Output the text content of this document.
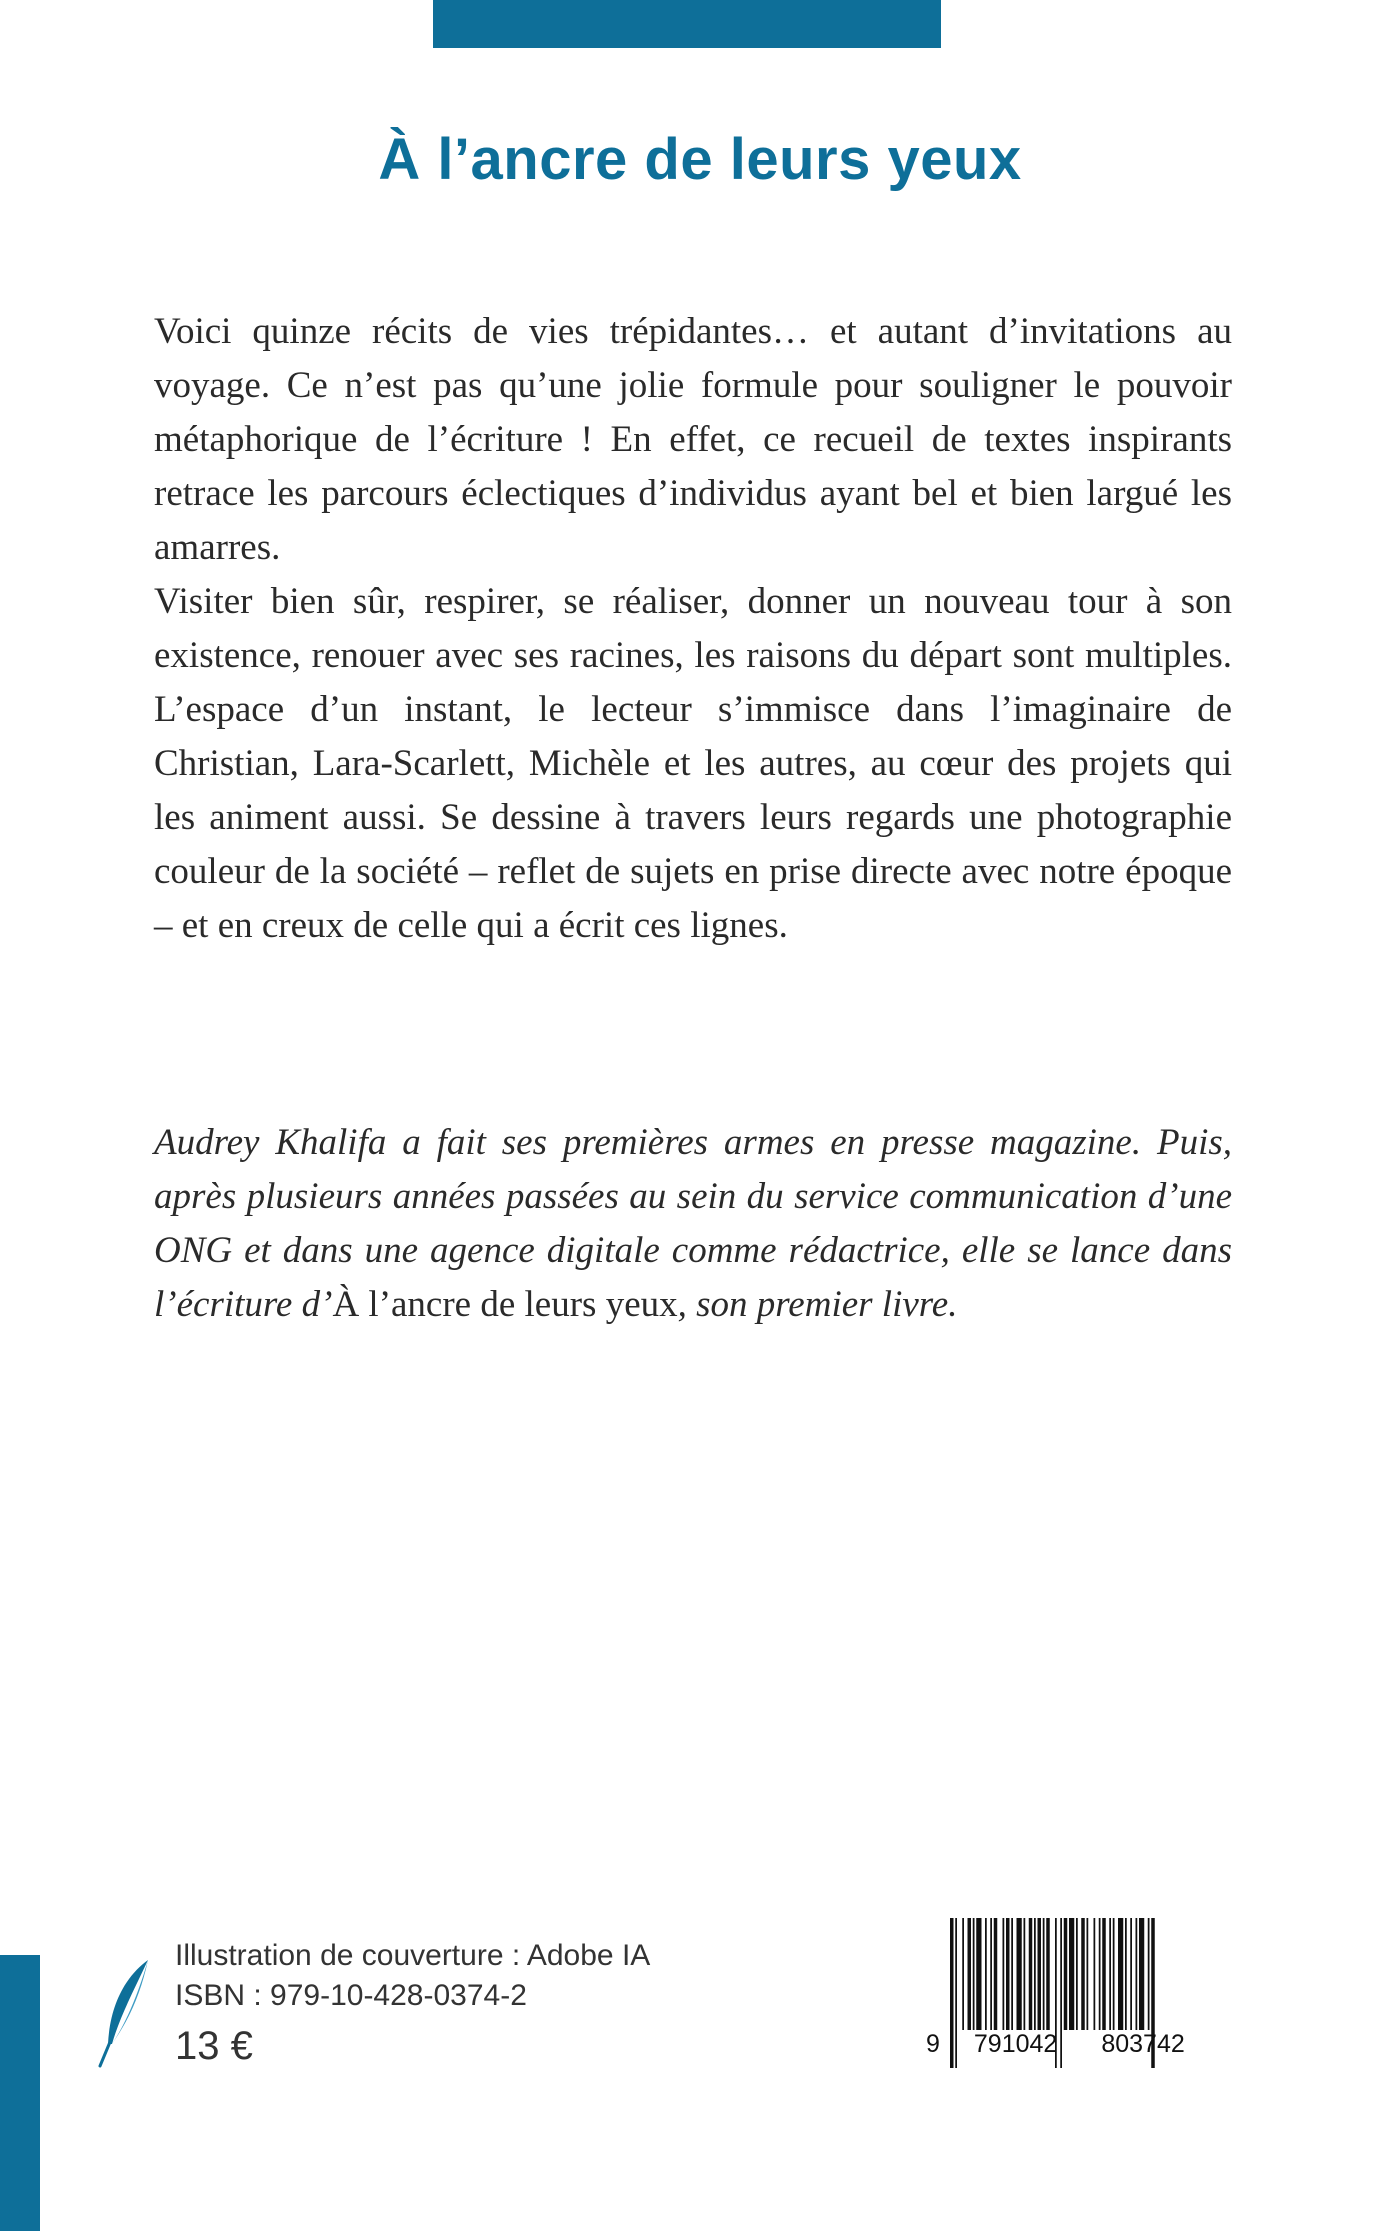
À l’ancre de leurs yeux

Voici quinze récits de vies trépidantes… et autant d’invitations au voyage. Ce n’est pas qu’une jolie formule pour souligner le pouvoir métaphorique de l’écriture ! En effet, ce recueil de textes inspirants retrace les parcours éclectiques d’individus ayant bel et bien largué les amarres.

Visiter bien sûr, respirer, se réaliser, donner un nouveau tour à son existence, renouer avec ses racines, les raisons du départ sont multiples. L’espace d’un instant, le lecteur s’immisce dans l’imaginaire de Christian, Lara-Scarlett, Michèle et les autres, au cœur des projets qui les animent aussi. Se dessine à travers leurs regards une photographie couleur de la société – reflet de sujets en prise directe avec notre époque – et en creux de celle qui a écrit ces lignes.

Audrey Khalifa a fait ses premières armes en presse magazine. Puis, après plusieurs années passées au sein du service communication d’une ONG et dans une agence digitale comme rédactrice, elle se lance dans l’écriture d’À l’ancre de leurs yeux, son premier livre.
Illustration de couverture : Adobe IA
ISBN : 979-10-428-0374-2
13 €	9 791042 803742
